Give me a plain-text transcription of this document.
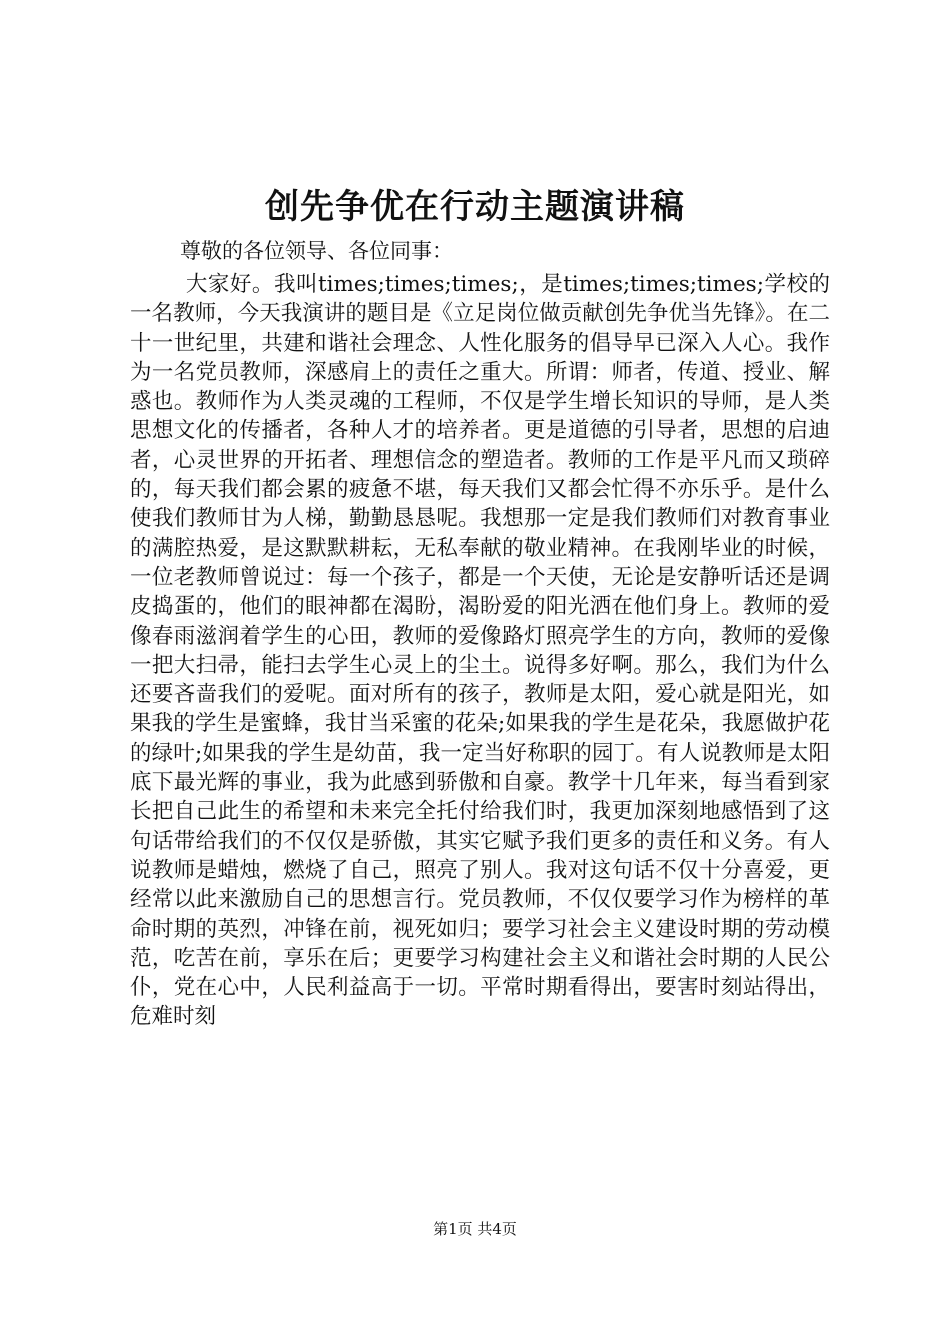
创先争优在行动主题演讲稿
尊敬的各位领导、各位同事：

大家好。我叫times;times;times;，是times;times;times;学校的一名教师，今天我演讲的题目是《立足岗位做贡献创先争优当先锋》。在二十一世纪里，共建和谐社会理念、人性化服务的倡导早已深入人心。我作为一名党员教师，深感肩上的责任之重大。所谓：师者，传道、授业、解惑也。教师作为人类灵魂的工程师，不仅是学生增长知识的导师，是人类思想文化的传播者，各种人才的培养者。更是道德的引导者，思想的启迪者，心灵世界的开拓者、理想信念的塑造者。教师的工作是平凡而又琐碎的，每天我们都会累的疲惫不堪，每天我们又都会忙得不亦乐乎。是什么使我们教师甘为人梯，勤勤恳恳呢。我想那一定是我们教师们对教育事业的满腔热爱，是这默默耕耘，无私奉献的敬业精神。在我刚毕业的时候，一位老教师曾说过：每一个孩子，都是一个天使，无论是安静听话还是调皮捣蛋的，他们的眼神都在渴盼，渴盼爱的阳光洒在他们身上。教师的爱像春雨滋润着学生的心田，教师的爱像路灯照亮学生的方向，教师的爱像一把大扫帚，能扫去学生心灵上的尘土。说得多好啊。那么，我们为什么还要吝啬我们的爱呢。面对所有的孩子，教师是太阳，爱心就是阳光，如果我的学生是蜜蜂，我甘当采蜜的花朵;如果我的学生是花朵，我愿做护花的绿叶;如果我的学生是幼苗，我一定当好称职的园丁。有人说教师是太阳底下最光辉的事业，我为此感到骄傲和自豪。教学十几年来，每当看到家长把自己此生的希望和未来完全托付给我们时，我更加深刻地感悟到了这句话带给我们的不仅仅是骄傲，其实它赋予我们更多的责任和义务。有人说教师是蜡烛，燃烧了自己，照亮了别人。我对这句话不仅十分喜爱，更经常以此来激励自己的思想言行。党员教师，不仅仅要学习作为榜样的革命时期的英烈，冲锋在前，视死如归；要学习社会主义建设时期的劳动模范，吃苦在前，享乐在后；更要学习构建社会主义和谐社会时期的人民公仆，党在心中，人民利益高于一切。平常时期看得出，要害时刻站得出，危难时刻

第1页 共4页
